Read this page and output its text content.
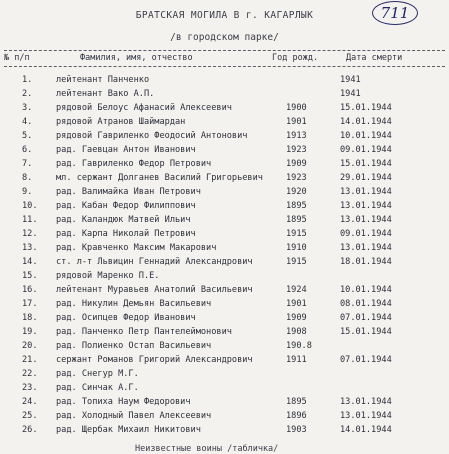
711
БРАТСКАЯ МОГИЛА В г. КАГАРЛЫК
/в городском парке/
№ п/п	Фамилия, имя, отчество	Год рожд.	Дата смерти
1.	лейтенант Панченко	1941
2.	лейтенант Вако А.П.	1941
3.	рядовой Белоус Афанасий Алексеевич	1900	15.01.1944
4.	рядовой Атранов Шаймардан	1901	14.01.1944
5.	рядовой Гавриленко Феодосий Антонович	1913	10.01.1944
6.	рад. Гаевцан Антон Иванович	1923	09.01.1944
7.	рад. Гавриленко Федор Петрович	1909	15.01.1944
8.	мл. сержант Долганев Василий Григорьевич	1923	29.01.1944
9.	рад. Валимайка Иван Петрович	1920	13.01.1944
10.	рад. Кабан Федор Филиппович	1895	13.01.1944
11.	рад. Каландюк Матвей Ильич	1895	13.01.1944
12.	рад. Карпа Николай Петрович	1915	09.01.1944
13.	рад. Кравченко Максим Макарович	1910	13.01.1944
14.	ст. л-т Львицин Геннадий Александрович	1915	18.01.1944
15.	рядовой Маренко П.Е.
16.	лейтенант Муравьев Анатолий Васильевич	1924	10.01.1944
17.	рад. Никулин Демьян Васильевич	1901	08.01.1944
18.	рад. Осипцев Федор Иванович	1909	07.01.1944
19.	рад. Панченко Петр Пантелеймонович	1908	15.01.1944
20.	рад. Полиенко Остап Васильевич	190.8
21.	сержант Романов Григорий Александрович	1911	07.01.1944
22.	рад. Снегур М.Г.
23.	рад. Синчак А.Г.
24.	рад. Топиха Наум Федорович	1895	13.01.1944
25.	рад. Холодный Павел Алексеевич	1896	13.01.1944
26.	рад. Щербак Михаил Никитович	1903	14.01.1944
Неизвестные воины /табличка/
